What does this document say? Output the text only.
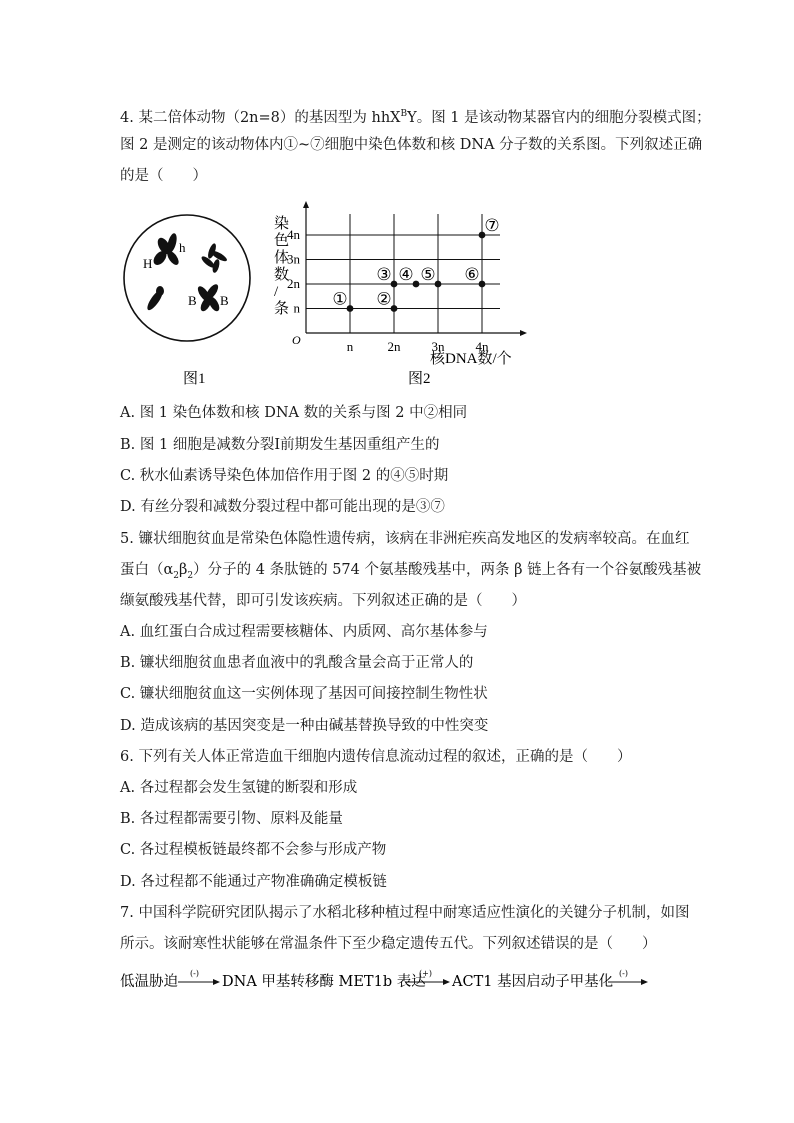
4. 某二倍体动物（2n=8）的基因型为 hhX$^B$Y。图 1 是该动物某器官内的细胞分裂模式图；
图 2 是测定的该动物体内①~⑦细胞中染色体数和核 DNA 分子数的关系图。下列叙述正确
的是（　　）
H
h
B B
图1
O
n
2n
3n
4n
n	2n 3n 4n
① ②
③ ④ ⑤ ⑥
⑦
染色体数/条
核DNA数/个
图2
A. 图 1 染色体数和核 DNA 数的关系与图 2 中②相同
B. 图 1 细胞是减数分裂Ⅰ前期发生基因重组产生的
C. 秋水仙素诱导染色体加倍作用于图 2 的④⑤时期
D. 有丝分裂和减数分裂过程中都可能出现的是③⑦
5. 镰状细胞贫血是常染色体隐性遗传病，该病在非洲疟疾高发地区的发病率较高。在血红
蛋白$(\alpha_2\beta_2)$分子的 4 条肽链的 574 个氨基酸残基中，两条 β 链上各有一个谷氨酸残基被
缬氨酸残基代替，即可引发该疾病。下列叙述正确的是（　　）
A. 血红蛋白合成过程需要核糖体、内质网、高尔基体参与
B. 镰状细胞贫血患者血液中的乳酸含量会高于正常人的
C. 镰状细胞贫血这一实例体现了基因可间接控制生物性状
D. 造成该病的基因突变是一种由碱基替换导致的中性突变
6. 下列有关人体正常造血干细胞内遗传信息流动过程的叙述，正确的是（　　）
A. 各过程都会发生氢键的断裂和形成
B. 各过程都需要引物、原料及能量
C. 各过程模板链最终都不会参与形成产物
D. 各过程都不能通过产物准确确定模板链
7. 中国科学院研究团队揭示了水稻北移种植过程中耐寒适应性演化的关键分子机制，如图
所示。该耐寒性状能够在常温条件下至少稳定遗传五代。下列叙述错误的是（　　）
低温胁迫
(-)
DNA 甲基转移酶 MET1b 表达
(+)
ACT1 基因启动子甲基化
(-)
